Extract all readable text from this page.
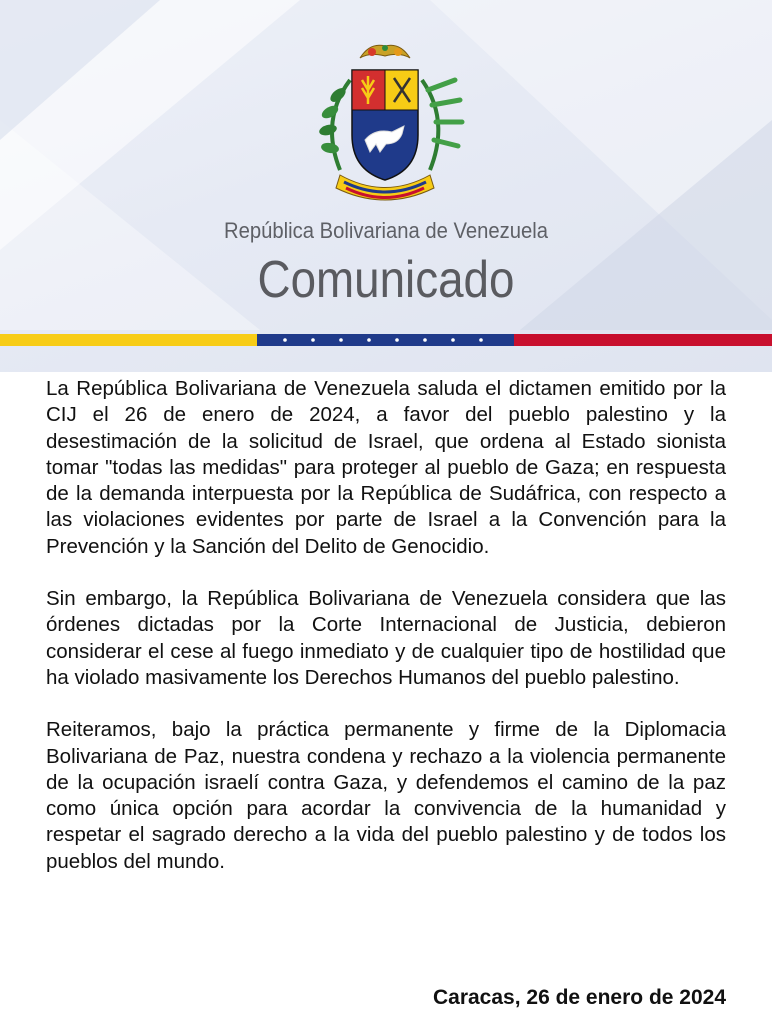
República Bolivariana de Venezuela
Comunicado

La República Bolivariana de Venezuela saluda el dictamen emitido por la CIJ el 26 de enero de 2024, a favor del pueblo palestino y la desestimación de la solicitud de Israel, que ordena al Estado sionista tomar "todas las medidas" para proteger al pueblo de Gaza; en respuesta de la demanda interpuesta por la República de Sudáfrica, con respecto a las violaciones evidentes por parte de Israel a la Convención para la Prevención y la Sanción del Delito de Genocidio.

Sin embargo, la República Bolivariana de Venezuela considera que las órdenes dictadas por la Corte Internacional de Justicia, debieron considerar el cese al fuego inmediato y de cualquier tipo de hostilidad que ha violado masivamente los Derechos Humanos del pueblo palestino.

Reiteramos, bajo la práctica permanente y firme de la Diplomacia Bolivariana de Paz, nuestra condena y rechazo a la violencia permanente de la ocupación israelí contra Gaza, y defendemos el camino de la paz como única opción para acordar la convivencia de la humanidad y respetar el sagrado derecho a la vida del pueblo palestino y de todos los pueblos del mundo.

Caracas, 26 de enero de 2024
